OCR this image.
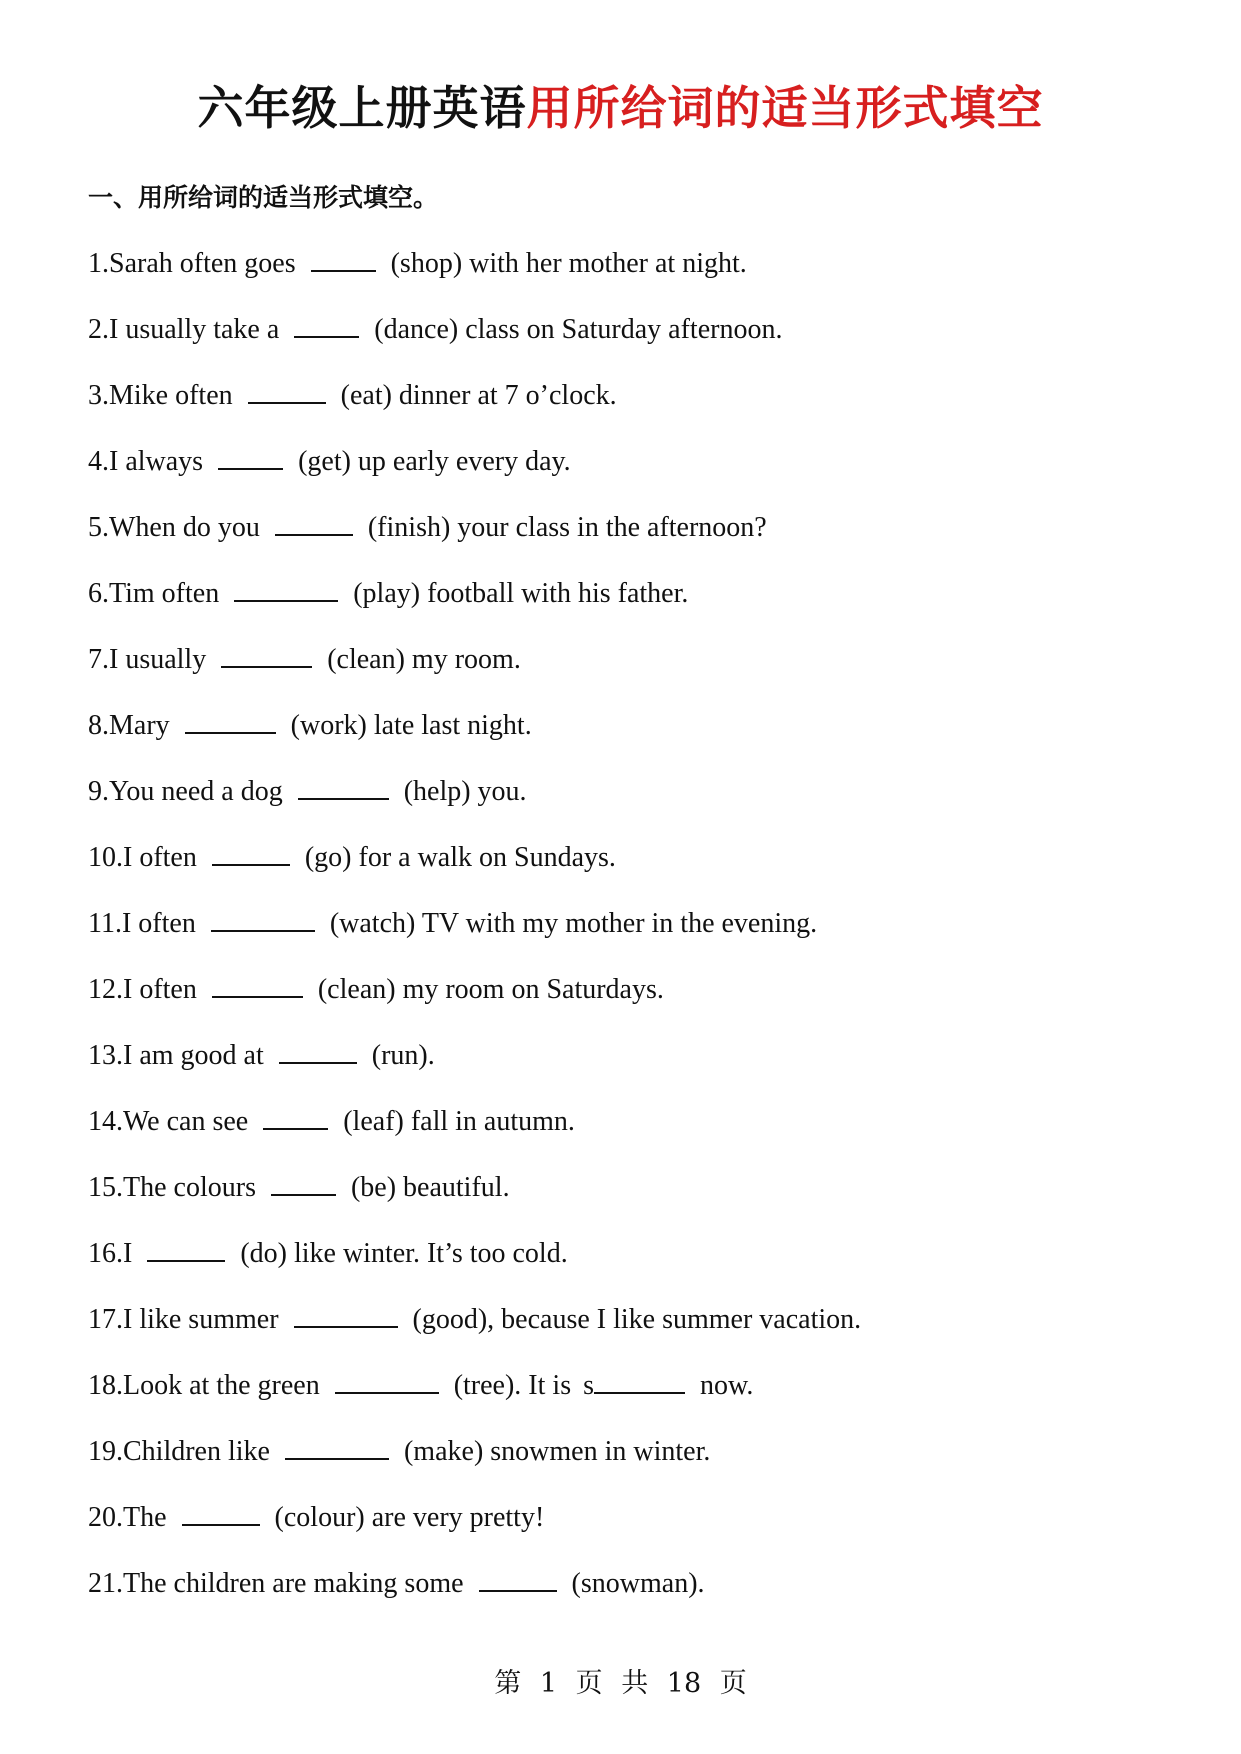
六年级上册英语用所给词的适当形式填空
一、用所给词的适当形式填空。
1.Sarah often goes	(shop) with her mother at night.
2.I usually take a	(dance) class on Saturday afternoon.
3.Mike often	(eat) dinner at 7 o’clock.
4.I always	(get) up early every day.
5.When do you	(finish) your class in the afternoon?
6.Tim often	(play) football with his father.
7.I usually	(clean) my room.
8.Mary	(work) late last night.
9.You need a dog	(help) you.
10.I often	(go) for a walk on Sundays.
11.I often	(watch) TV with my mother in the evening.
12.I often	(clean) my room on Saturdays.
13.I am good at	(run).
14.We can see	(leaf) fall in autumn.
15.The colours	(be) beautiful.
16.I	(do) like winter. It’s too cold.
17.I like summer	(good), because I like summer vacation.
18.Look at the green	(tree). It is s	now.
19.Children like	(make) snowmen in winter.
20.The	(colour) are very pretty!
21.The children are making some	(snowman).
第 1 页 共 18 页
